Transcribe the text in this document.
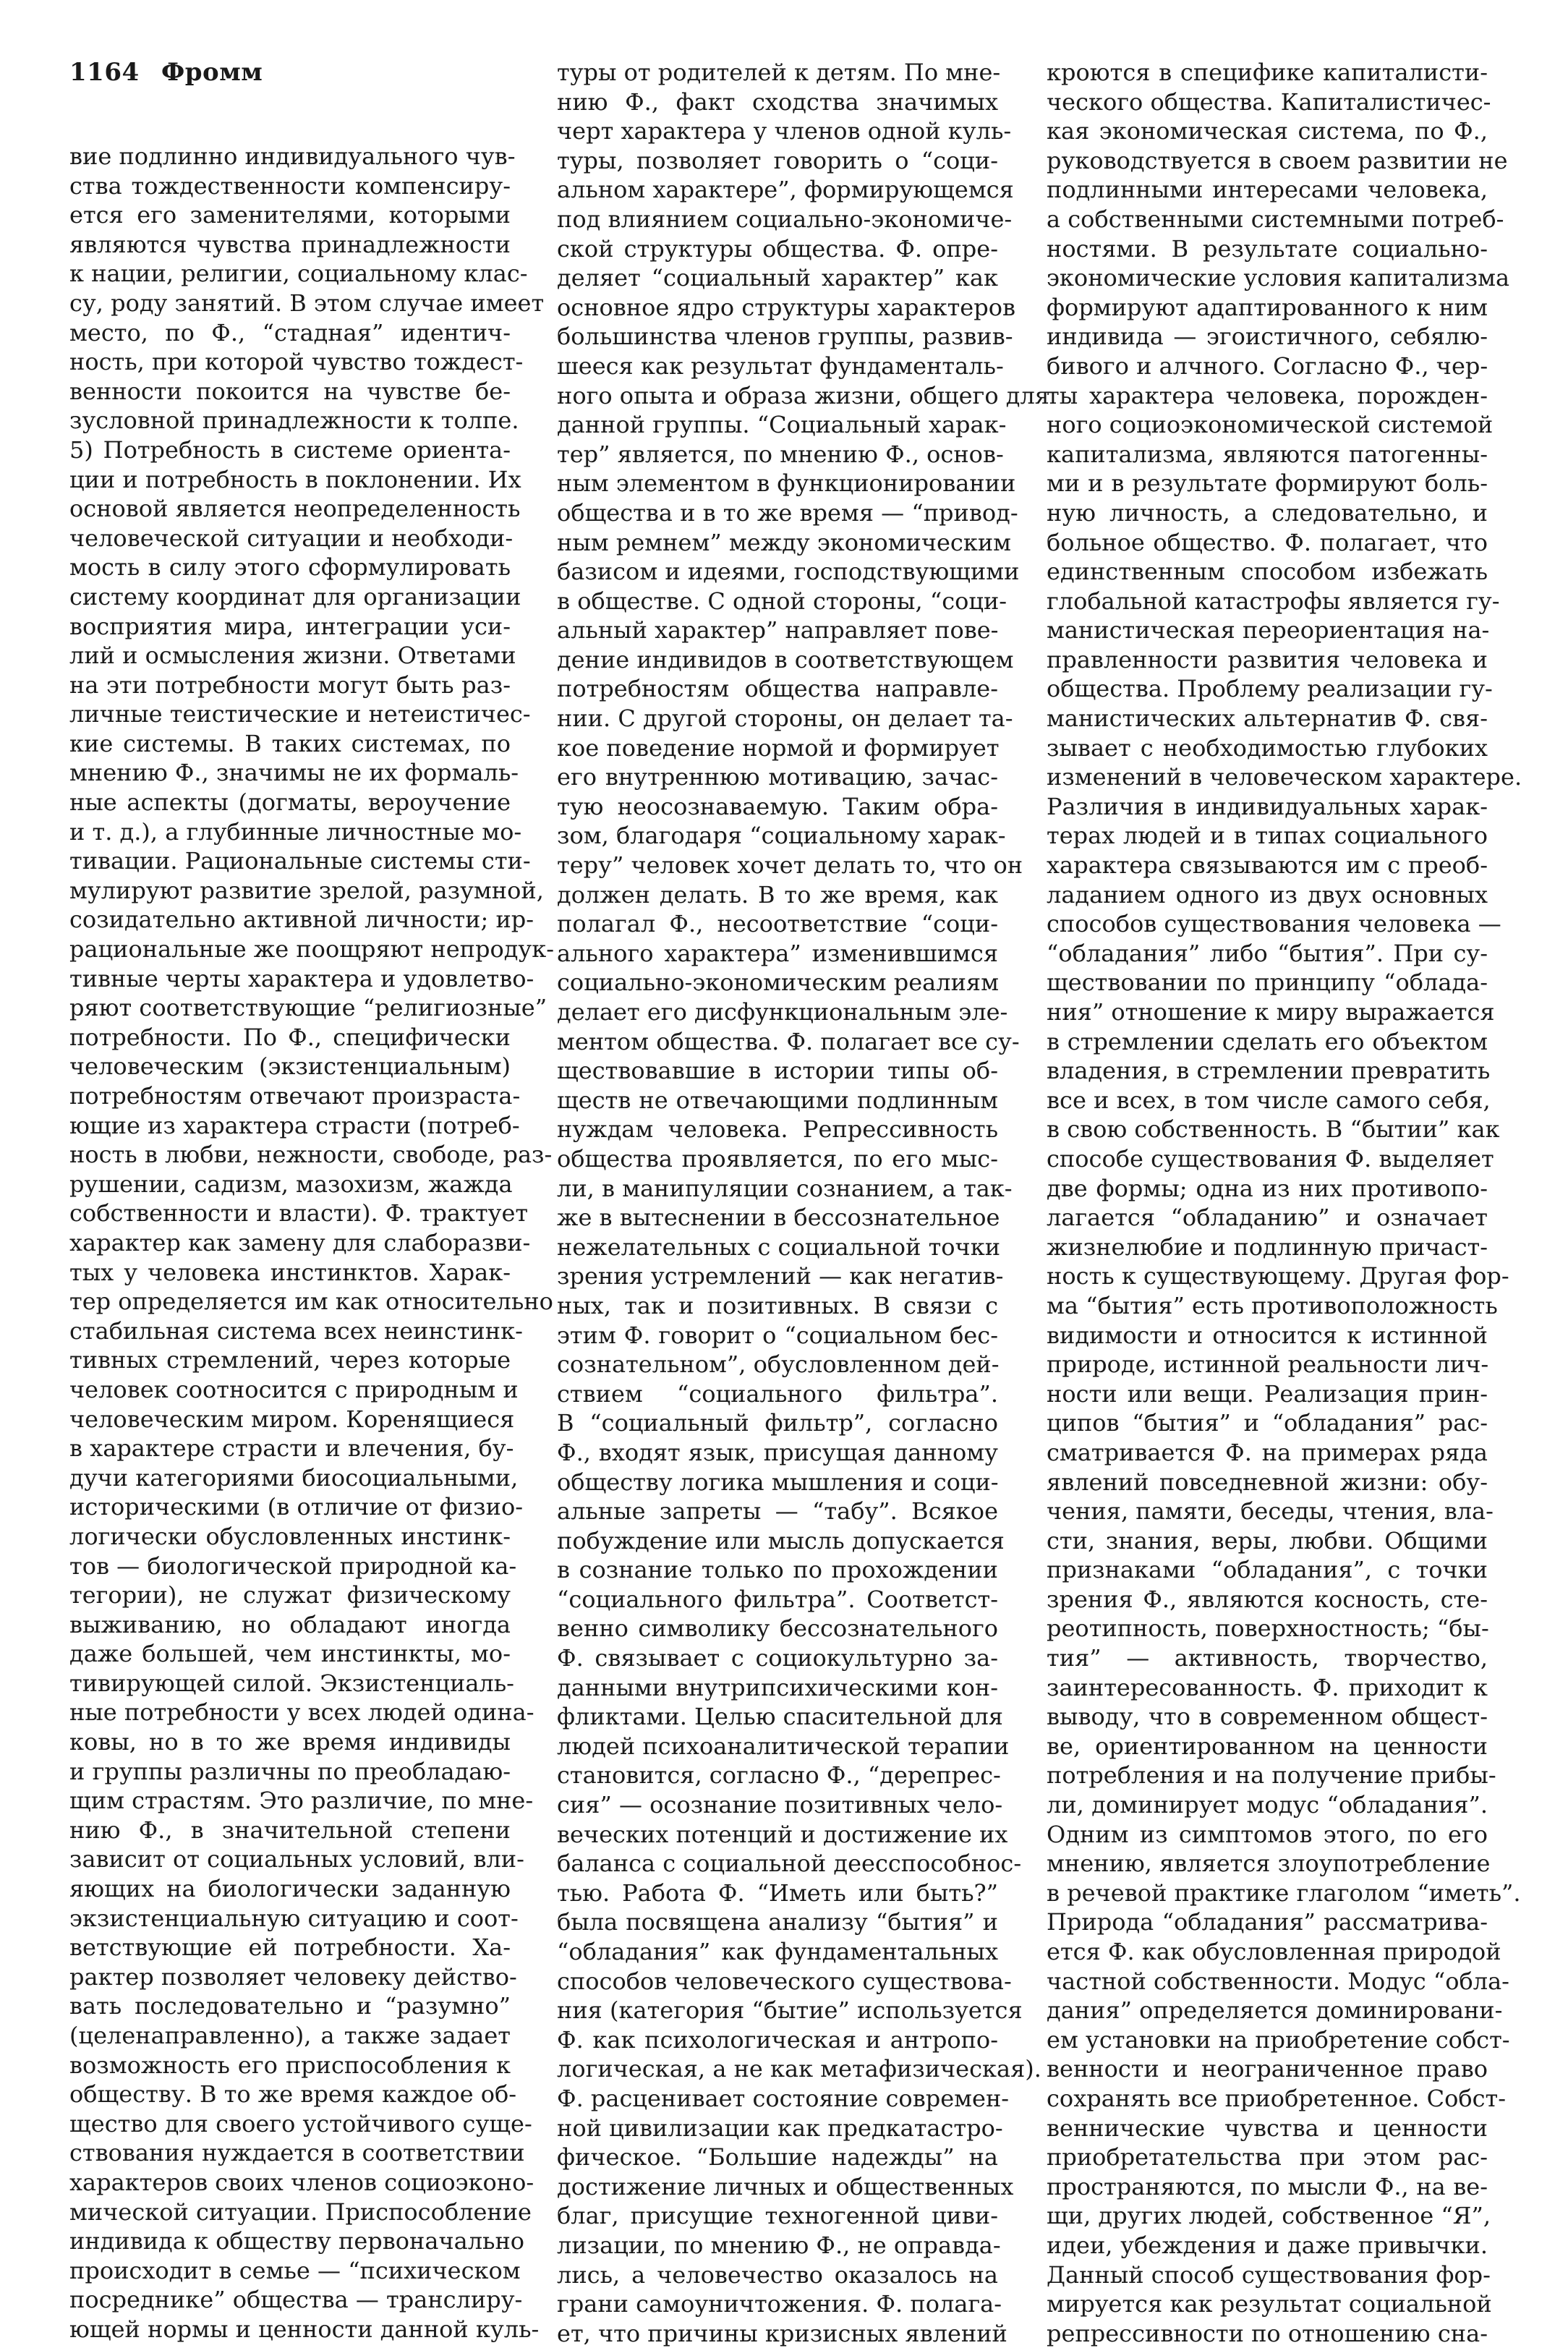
1164 Фромм
вие подлинно индивидуального чув-
ства тождественности компенсиру-
ется его заменителями, которыми
являются чувства принадлежности
к нации, религии, социальному клас-
су, роду занятий. В этом случае имеет
место, по Ф., “стадная” идентич-
ность, при которой чувство тождест-
венности покоится на чувстве бе-
зусловной принадлежности к толпе.
5) Потребность в системе ориента-
ции и потребность в поклонении. Их
основой является неопределенность
человеческой ситуации и необходи-
мость в силу этого сформулировать
систему координат для организации
восприятия мира, интеграции уси-
лий и осмысления жизни. Ответами
на эти потребности могут быть раз-
личные теистические и нетеистичес-
кие системы. В таких системах, по
мнению Ф., значимы не их формаль-
ные аспекты (догматы, вероучение
и т. д.), а глубинные личностные мо-
тивации. Рациональные системы сти-
мулируют развитие зрелой, разумной,
созидательно активной личности; ир-
рациональные же поощряют непродук-
тивные черты характера и удовлетво-
ряют соответствующие “религиозные”
потребности. По Ф., специфически
человеческим (экзистенциальным)
потребностям отвечают произраста-
ющие из характера страсти (потреб-
ность в любви, нежности, свободе, раз-
рушении, садизм, мазохизм, жажда
собственности и власти). Ф. трактует
характер как замену для слаборазви-
тых у человека инстинктов. Харак-
тер определяется им как относительно
стабильная система всех неинстинк-
тивных стремлений, через которые
человек соотносится с природным и
человеческим миром. Коренящиеся
в характере страсти и влечения, бу-
дучи категориями биосоциальными,
историческими (в отличие от физио-
логически обусловленных инстинк-
тов — биологической природной ка-
тегории), не служат физическому
выживанию, но обладают иногда
даже большей, чем инстинкты, мо-
тивирующей силой. Экзистенциаль-
ные потребности у всех людей одина-
ковы, но в то же время индивиды
и группы различны по преобладаю-
щим страстям. Это различие, по мне-
нию Ф., в значительной степени
зависит от социальных условий, вли-
яющих на биологически заданную
экзистенциальную ситуацию и соот-
ветствующие ей потребности. Ха-
рактер позволяет человеку действо-
вать последовательно и “разумно”
(целенаправленно), а также задает
возможность его приспособления к
обществу. В то же время каждое об-
щество для своего устойчивого суще-
ствования нуждается в соответствии
характеров своих членов социоэконо-
мической ситуации. Приспособление
индивида к обществу первоначально
происходит в семье — “психическом
посреднике” общества — транслиру-
ющей нормы и ценности данной куль-
туры от родителей к детям. По мне-
нию Ф., факт сходства значимых
черт характера у членов одной куль-
туры, позволяет говорить о “соци-
альном характере”, формирующемся
под влиянием социально-экономиче-
ской структуры общества. Ф. опре-
деляет “социальный характер” как
основное ядро структуры характеров
большинства членов группы, развив-
шееся как результат фундаменталь-
ного опыта и образа жизни, общего для
данной группы. “Социальный харак-
тер” является, по мнению Ф., основ-
ным элементом в функционировании
общества и в то же время — “привод-
ным ремнем” между экономическим
базисом и идеями, господствующими
в обществе. С одной стороны, “соци-
альный характер” направляет пове-
дение индивидов в соответствующем
потребностям общества направле-
нии. С другой стороны, он делает та-
кое поведение нормой и формирует
его внутреннюю мотивацию, зачас-
тую неосознаваемую. Таким обра-
зом, благодаря “социальному харак-
теру” человек хочет делать то, что он
должен делать. В то же время, как
полагал Ф., несоответствие “соци-
ального характера” изменившимся
социально-экономическим реалиям
делает его дисфункциональным эле-
ментом общества. Ф. полагает все су-
ществовавшие в истории типы об-
ществ не отвечающими подлинным
нуждам человека. Репрессивность
общества проявляется, по его мыс-
ли, в манипуляции сознанием, а так-
же в вытеснении в бессознательное
нежелательных с социальной точки
зрения устремлений — как негатив-
ных, так и позитивных. В связи с
этим Ф. говорит о “социальном бес-
сознательном”, обусловленном дей-
ствием “социального фильтра”.
В “социальный фильтр”, согласно
Ф., входят язык, присущая данному
обществу логика мышления и соци-
альные запреты — “табу”. Всякое
побуждение или мысль допускается
в сознание только по прохождении
“социального фильтра”. Соответст-
венно символику бессознательного
Ф. связывает с социокультурно за-
данными внутрипсихическими кон-
фликтами. Целью спасительной для
людей психоаналитической терапии
становится, согласно Ф., “дерепрес-
сия” — осознание позитивных чело-
веческих потенций и достижение их
баланса с социальной деесспособнос-
тью. Работа Ф. “Иметь или быть?”
была посвящена анализу “бытия” и
“обладания” как фундаментальных
способов человеческого существова-
ния (категория “бытие” используется
Ф. как психологическая и антропо-
логическая, а не как метафизическая).
Ф. расценивает состояние современ-
ной цивилизации как предкатастро-
фическое. “Большие надежды” на
достижение личных и общественных
благ, присущие техногенной циви-
лизации, по мнению Ф., не оправда-
лись, а человечество оказалось на
грани самоуничтожения. Ф. полага-
ет, что причины кризисных явлений
кроются в специфике капиталисти-
ческого общества. Капиталистичес-
кая экономическая система, по Ф.,
руководствуется в своем развитии не
подлинными интересами человека,
а собственными системными потреб-
ностями. В результате социально-
экономические условия капитализма
формируют адаптированного к ним
индивида — эгоистичного, себялю-
бивого и алчного. Согласно Ф., чер-
ты характера человека, порожден-
ного социоэкономической системой
капитализма, являются патогенны-
ми и в результате формируют боль-
ную личность, а следовательно, и
больное общество. Ф. полагает, что
единственным способом избежать
глобальной катастрофы является гу-
манистическая переориентация на-
правленности развития человека и
общества. Проблему реализации гу-
манистических альтернатив Ф. свя-
зывает с необходимостью глубоких
изменений в человеческом характере.
Различия в индивидуальных харак-
терах людей и в типах социального
характера связываются им с преоб-
ладанием одного из двух основных
способов существования человека —
“обладания” либо “бытия”. При су-
ществовании по принципу “облада-
ния” отношение к миру выражается
в стремлении сделать его объектом
владения, в стремлении превратить
все и всех, в том числе самого себя,
в свою собственность. В “бытии” как
способе существования Ф. выделяет
две формы; одна из них противопо-
лагается “обладанию” и означает
жизнелюбие и подлинную причаст-
ность к существующему. Другая фор-
ма “бытия” есть противоположность
видимости и относится к истинной
природе, истинной реальности лич-
ности или вещи. Реализация прин-
ципов “бытия” и “обладания” рас-
сматривается Ф. на примерах ряда
явлений повседневной жизни: обу-
чения, памяти, беседы, чтения, вла-
сти, знания, веры, любви. Общими
признаками “обладания”, с точки
зрения Ф., являются косность, сте-
реотипность, поверхностность; “бы-
тия” — активность, творчество,
заинтересованность. Ф. приходит к
выводу, что в современном общест-
ве, ориентированном на ценности
потребления и на получение прибы-
ли, доминирует модус “обладания”.
Одним из симптомов этого, по его
мнению, является злоупотребление
в речевой практике глаголом “иметь”.
Природа “обладания” рассматрива-
ется Ф. как обусловленная природой
частной собственности. Модус “обла-
дания” определяется доминировани-
ем установки на приобретение собст-
венности и неограниченное право
сохранять все приобретенное. Собст-
веннические чувства и ценности
приобретательства при этом рас-
пространяются, по мысли Ф., на ве-
щи, других людей, собственное “Я”,
идеи, убеждения и даже привычки.
Данный способ существования фор-
мируется как результат социальной
репрессивности по отношению сна-
